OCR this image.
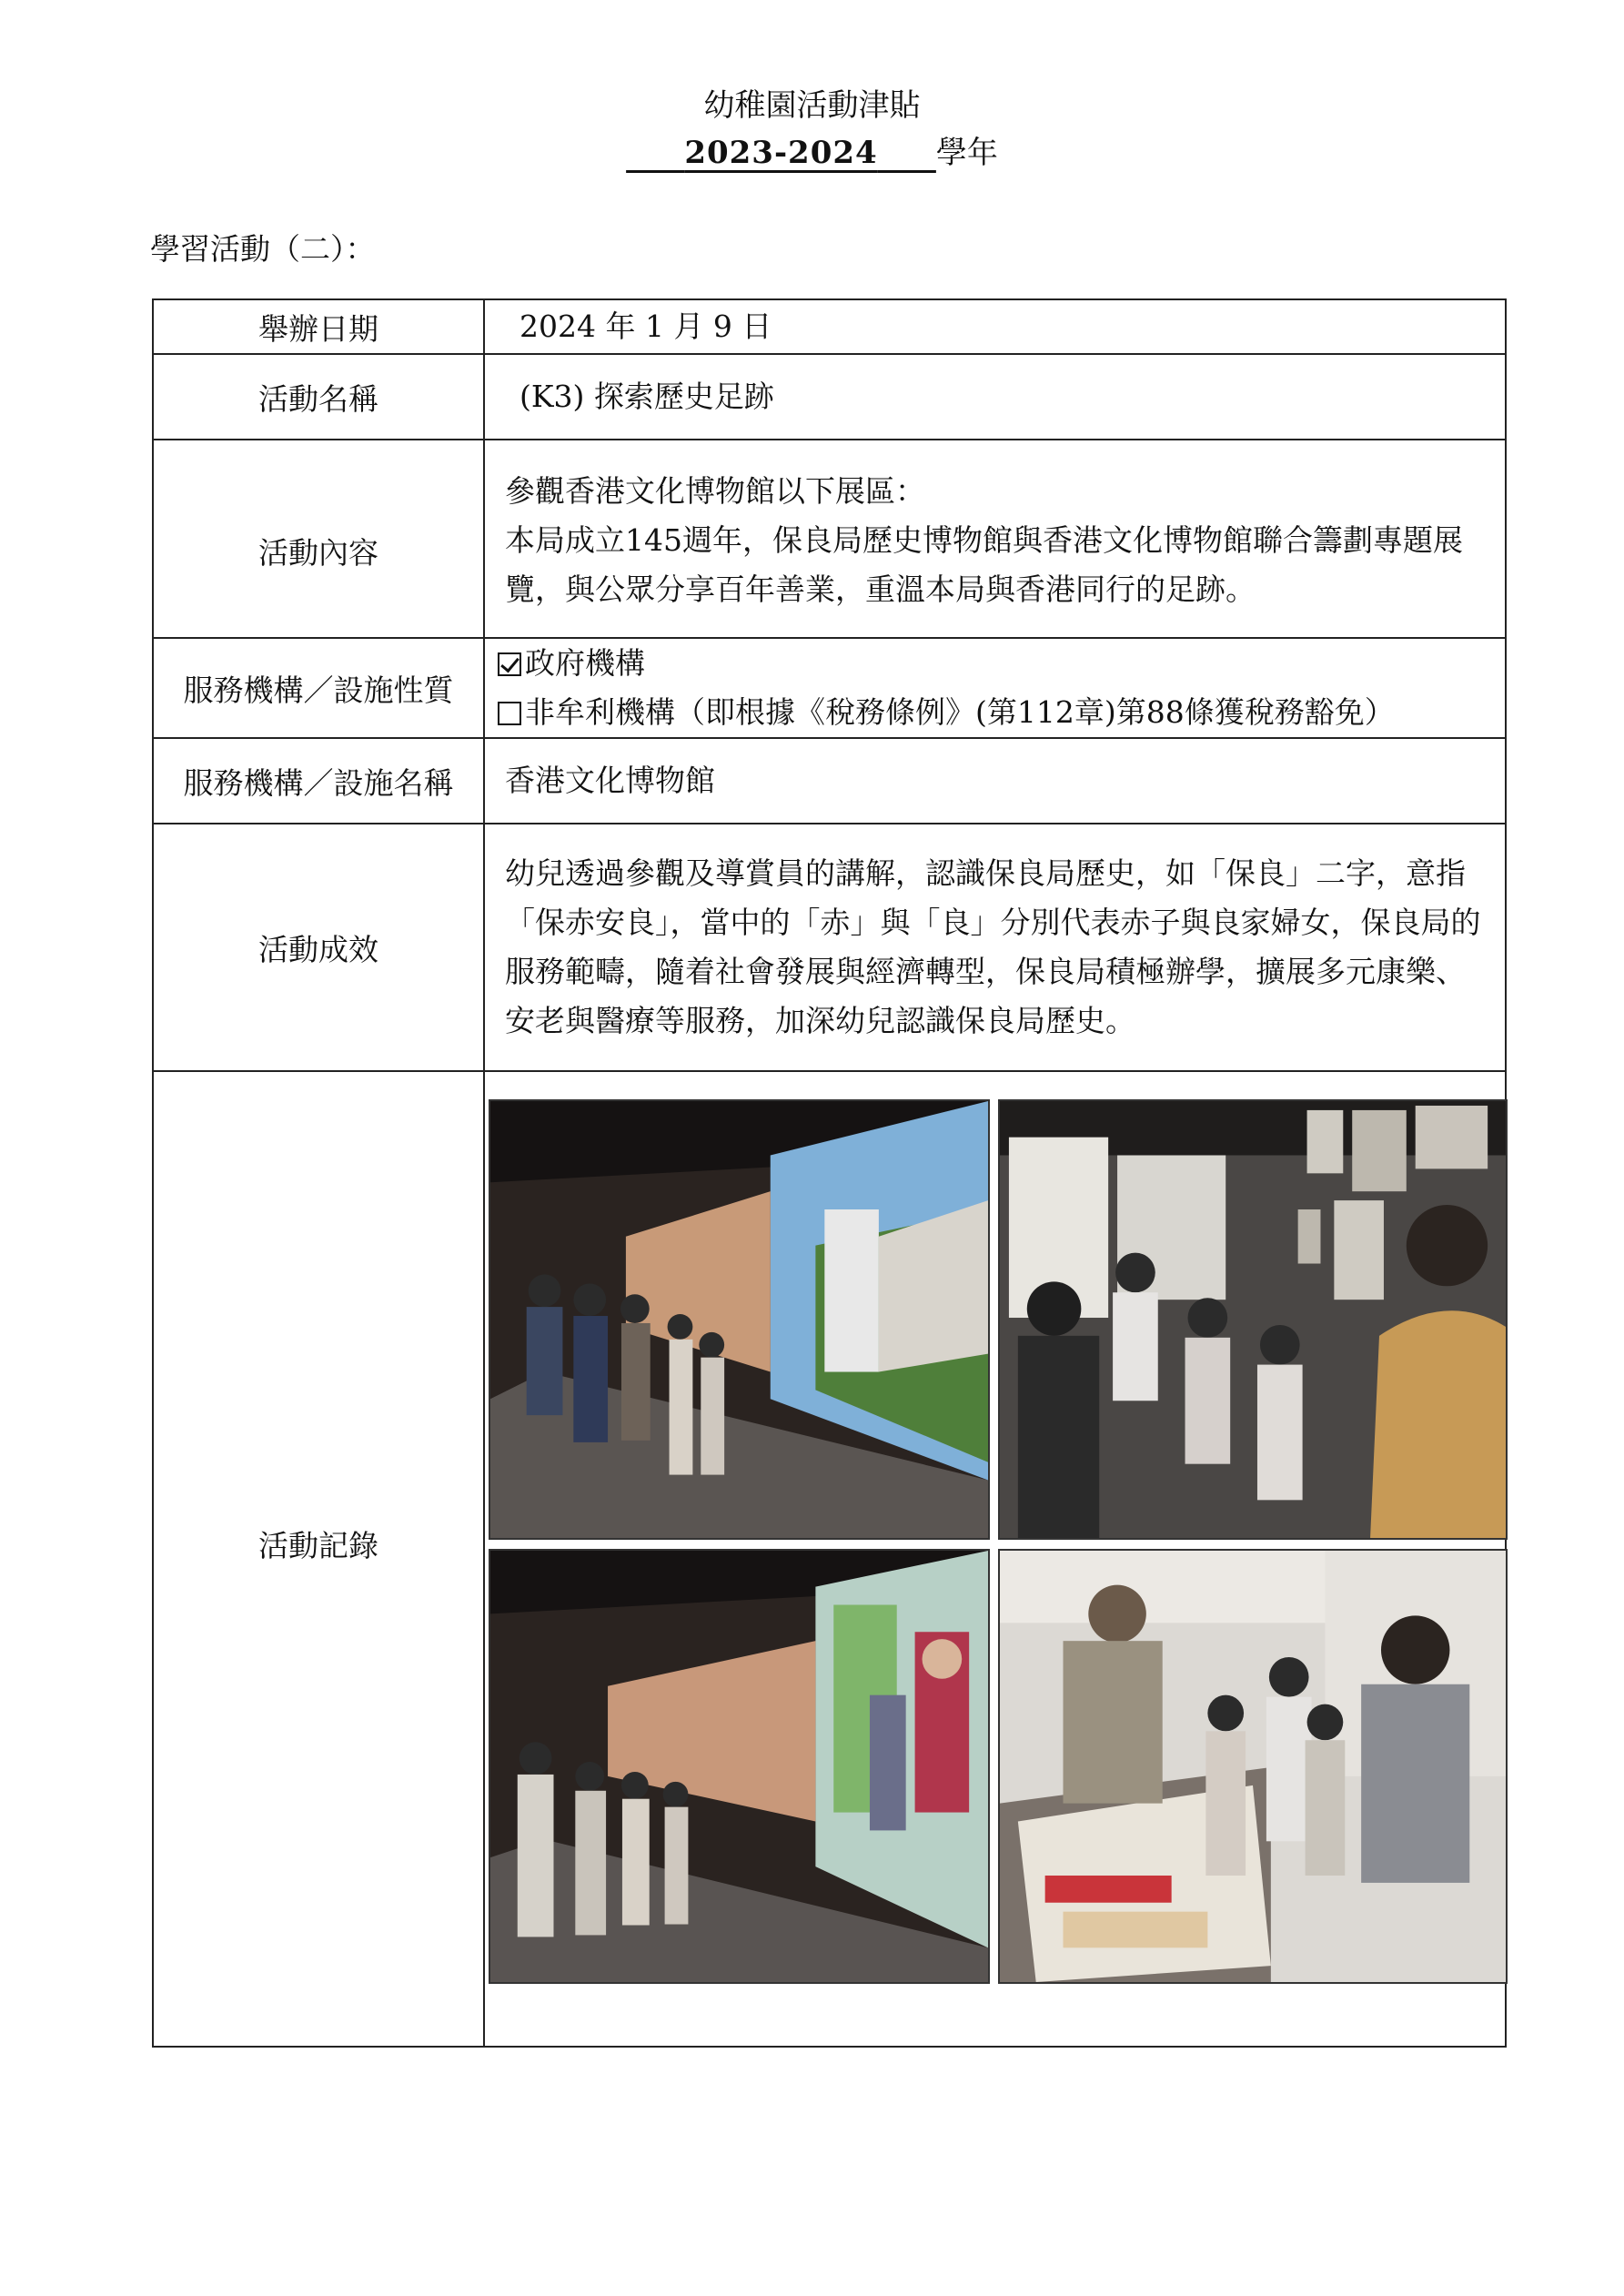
幼稚園活動津貼
2023-2024 學年
學習活動（二）：
舉辦日期	2024 年 1 月 9 日
活動名稱	(K3) 探索歷史足跡
活動內容	參觀香港文化博物館以下展區：
本局成立145週年，保良局歷史博物館與香港文化博物館聯合籌劃專題展覽，與公眾分享百年善業，重溫本局與香港同行的足跡。

服務機構／設施性質	政府機構
非牟利機構（即根據《稅務條例》(第112章)第88條獲稅務豁免）

服務機構／設施名稱	香港文化博物館
活動成效	幼兒透過參觀及導賞員的講解，認識保良局歷史，如「保良」二字，意指「保赤安良」，當中的「赤」與「良」分別代表赤子與良家婦女，保良局的服務範疇，隨着社會發展與經濟轉型，保良局積極辦學，擴展多元康樂、安老與醫療等服務，加深幼兒認識保良局歷史。
活動記錄	
